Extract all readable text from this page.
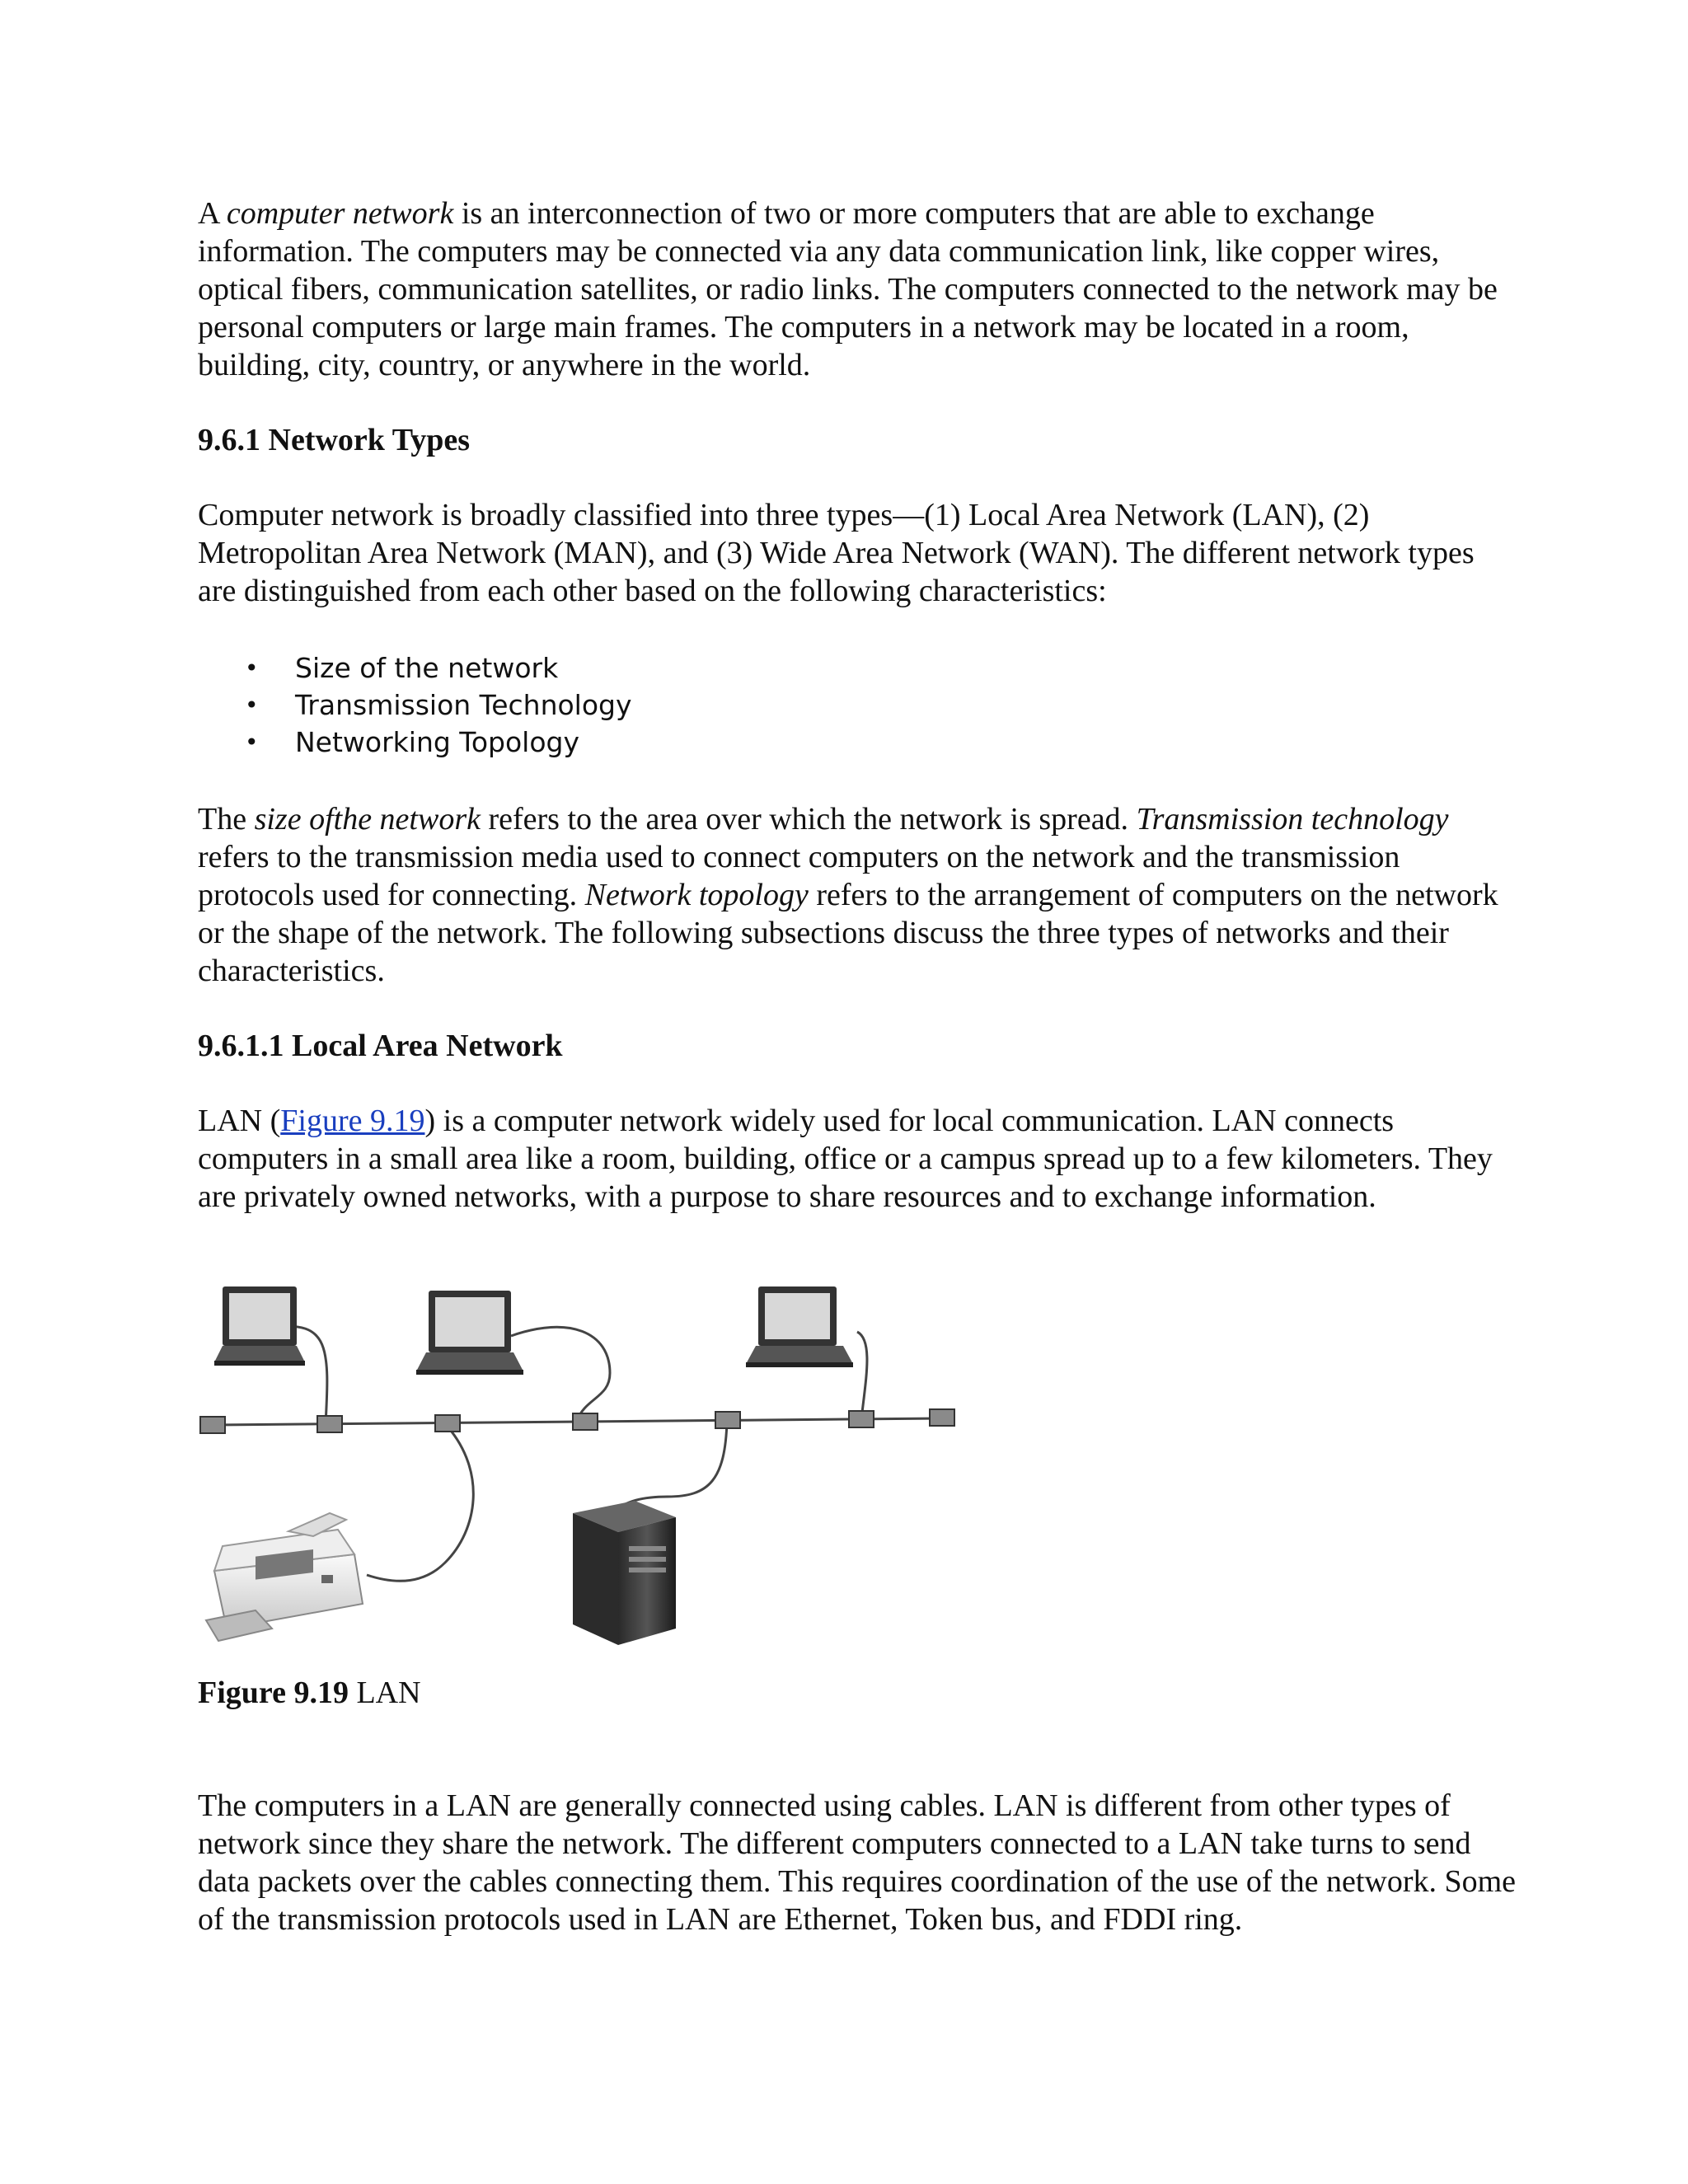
A computer network is an interconnection of two or more computers that are able to exchange information. The computers may be connected via any data communication link, like copper wires, optical fibers, communication satellites, or radio links. The computers connected to the network may be personal computers or large main frames. The computers in a network may be located in a room, building, city, country, or anywhere in the world.

9.6.1 Network Types

Computer network is broadly classified into three types—(1) Local Area Network (LAN), (2) Metropolitan Area Network (MAN), and (3) Wide Area Network (WAN). The different network types are distinguished from each other based on the following characteristics:

• Size of the network
• Transmission Technology
• Networking Topology

The size ofthe network refers to the area over which the network is spread. Transmission technology refers to the transmission media used to connect computers on the network and the transmission protocols used for connecting. Network topology refers to the arrangement of computers on the network or the shape of the network. The following subsections discuss the three types of networks and their characteristics.

9.6.1.1 Local Area Network

LAN (Figure 9.19) is a computer network widely used for local communication. LAN connects computers in a small area like a room, building, office or a campus spread up to a few kilometers. They are privately owned networks, with a purpose to share resources and to exchange information.

Figure 9.19 LAN

The computers in a LAN are generally connected using cables. LAN is different from other types of network since they share the network. The different computers connected to a LAN take turns to send data packets over the cables connecting them. This requires coordination of the use of the network. Some of the transmission protocols used in LAN are Ethernet, Token bus, and FDDI ring.
